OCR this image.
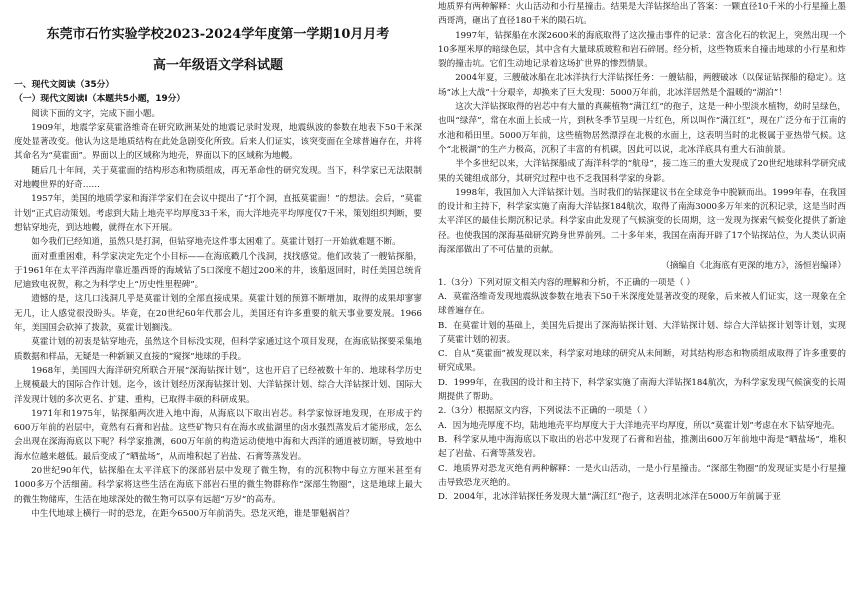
东莞市石竹实验学校2023-2024学年度第一学期10月月考
高一年级语文学科试题
一、现代文阅读（35分）
（一）现代文阅读Ⅰ（本题共5小题，19分）

阅读下面的文字，完成下面小题。

1909年，地震学家莫霍洛维奇在研究欧洲某处的地震记录时发现，地震纵波的参数在地表下50千米深度处显著改变。他认为这是地质结构在此处急剧变化所致。后来人们证实，该突变面在全球普遍存在，并将其命名为“莫霍面”。界面以上的区域称为地壳，界面以下的区域称为地幔。

随后几十年间，关于莫霍面的结构形态和物质组成，再无革命性的研究发现。当下，科学家已无法限制对地幔世界的好奇……

1957年，美国的地质学家和海洋学家们在会议中提出了“打个洞，直抵莫霍面！”的想法。会后，“莫霍计划”正式启动策划。考虑到大陆上地壳平均厚度33千米，而大洋地壳平均厚度仅7千米，策划组织判断，要想钻穿地壳，到达地幔，就得在水下开展。

如今我们已经知道，虽然只是打洞，但钻穿地壳这件事太困难了。莫霍计划打一开始就难题不断。

面对重重困难，科学家决定先定个小目标——在海底戳几个浅洞，找找感觉。他们改装了一艘钻探船，于1961年在太平洋西海岸靠近墨西哥的海域钻了5口深度不超过200米的井，该船返回时，时任美国总统肯尼迪致电祝贺，称之为科学史上“历史性里程碑”。

遗憾的是，这几口浅洞几乎是莫霍计划的全部直接成果。莫霍计划的预算不断增加，取得的成果却寥寥无几，让人感觉很没盼头。毕竟，在20世纪60年代那会儿，美国还有许多重要的航天事业要发展。1966年，美国国会砍掉了拨款，莫霍计划搁浅。

莫霍计划的初衷是钻穿地壳，虽然这个目标没实现，但科学家通过这个项目发现，在海底钻探要采集地质数据和样品，无疑是一种新颖又直接的“窥探”地球的手段。

1968年，美国四大海洋研究所联合开展“深海钻探计划”，这也开启了已经被数十年的、地球科学历史上规模最大的国际合作计划。迄今，该计划经历深海钻探计划、大洋钻探计划、综合大洋钻探计划、国际大洋发现计划的多次更名、扩建、重构，已取得丰硕的科研成果。

1971年和1975年，钻探船两次进入地中海，从海底以下取出岩芯。科学家惊讶地发现，在形成于约600万年前的岩层中，竟然有石膏和岩盐。这些矿物只有在海水或盐湖里的卤水强烈蒸发后才能形成，怎么会出现在深海海底以下呢？科学家推测，600万年前的构造运动使地中海和大西洋的通道被切断，导致地中海水位越来越低。最后变成了“晒盐场”，从而堆积起了岩盐、石膏等蒸发岩。

20世纪90年代，钻探船在太平洋底下的深部岩层中发现了微生物，有的沉积物中每立方厘米甚至有1000多万个活细菌。科学家将这些生活在海底下部岩石里的微生物群称作“深部生物圈”，这是地球上最大的微生物储库，生活在地球深处的微生物可以享有远超“万岁”的高寿。

中生代地球上横行一时的恐龙，在距今6500万年前消失。恐龙灭绝，谁是罪魁祸首？

地质界有两种解释：火山活动和小行星撞击。结果是大洋钻探给出了答案：一颗直径10千米的小行星撞上墨西哥湾，砸出了直径180千米的陨石坑。

1997年，钻探船在水深2600米的海底取得了这次撞击事件的记录：富含化石的软泥上，突然出现一个10多厘米厚的暗绿色层，其中含有大量球质玻粒和岩石碎屑。经分析，这些物质来自撞击地球的小行星和炸裂的撞击坑。它们生动地记录着这场扩世界的惨烈情景。

2004年夏，三艘破冰船在北冰洋执行大洋钻探任务：一艘钻船，两艘破冰（以保证钻探船的稳定）。这场“冰上大战”十分艰辛，却换来了巨大发现：5000万年前，北冰洋居然是个温暖的“湖泊”！

这次大洋钻探取得的岩芯中有大量的真蕨植物“满江红”的孢子，这是一种小型淡水植物，幼时呈绿色，也叫“绿萍”，常在水面上长成一片，到秋冬季节呈现一片红色，所以叫作“满江红”，现在广泛分布于江南的水池和稻田里。5000万年前，这些植物居然漂浮在北极的水面上，这表明当时的北极属于亚热带气候。这个“北极湖”的生产力极高，沉积了丰富的有机碳，因此可以说，北冰洋底具有重大石油前景。

半个多世纪以来，大洋钻探船成了海洋科学的“航母”，接二连三的重大发现成了20世纪地球科学研究成果的关键组成部分，其研究过程中也不乏我国科学家的身影。

1998年，我国加入大洋钻探计划。当时我们的钻探建议书在全球竞争中脱颖而出。1999年春，在我国的设计和主持下，科学家实施了南海大洋钻探184航次，取得了南海3000多万年来的沉积记录，这是当时西太平洋区的最佳长期沉积记录。科学家由此发现了气候演变的长周期，这一发现为探索气候变化提供了新途径。也使我国的深海基础研究跨身世界前列。二十多年来，我国在南海开辟了17个钻探站位，为人类认识南海深部做出了不可估量的贡献。

（摘编自《北海底有更深的地方》，汤恒岩编译）

1.（3分）下列对原文相关内容的理解和分析，不正确的一项是（ ）

A．莫霍洛维奇发现地震纵波参数在地表下50千米深度处显著改变的现象，后来被人们证实，这一现象在全球普遍存在。

B．在莫霍计划的基础上，美国先后提出了深海钻探计划、大洋钻探计划、综合大洋钻探计划等计划，实现了莫霍计划的初衷。

C．自从“莫霍面”被发现以来，科学家对地球的研究从未间断，对其结构形态和物质组成取得了许多重要的研究成果。

D．1999年，在我国的设计和主持下，科学家实施了南海大洋钻探184航次，为科学家发现气候演变的长周期提供了帮助。

2.（3分）根据原文内容，下列说法不正确的一项是（ ）

A．因为地壳厚度不均，陆地地壳平均厚度大于大洋地壳平均厚度，所以“莫霍计划”考虑在水下钻穿地壳。

B．科学家从地中海海底以下取出的岩芯中发现了石膏和岩盐，推测出600万年前地中海是“晒盐场”，堆积起了岩盐、石膏等蒸发岩。

C．地质界对恐龙灭绝有两种解释：一是火山活动，一是小行星撞击。“深部生物圈”的发现证实是小行星撞击导致恐龙灭绝的。

D．2004年，北冰洋钻探任务发现大量“满江红”孢子，这表明北冰洋在5000万年前属于亚
